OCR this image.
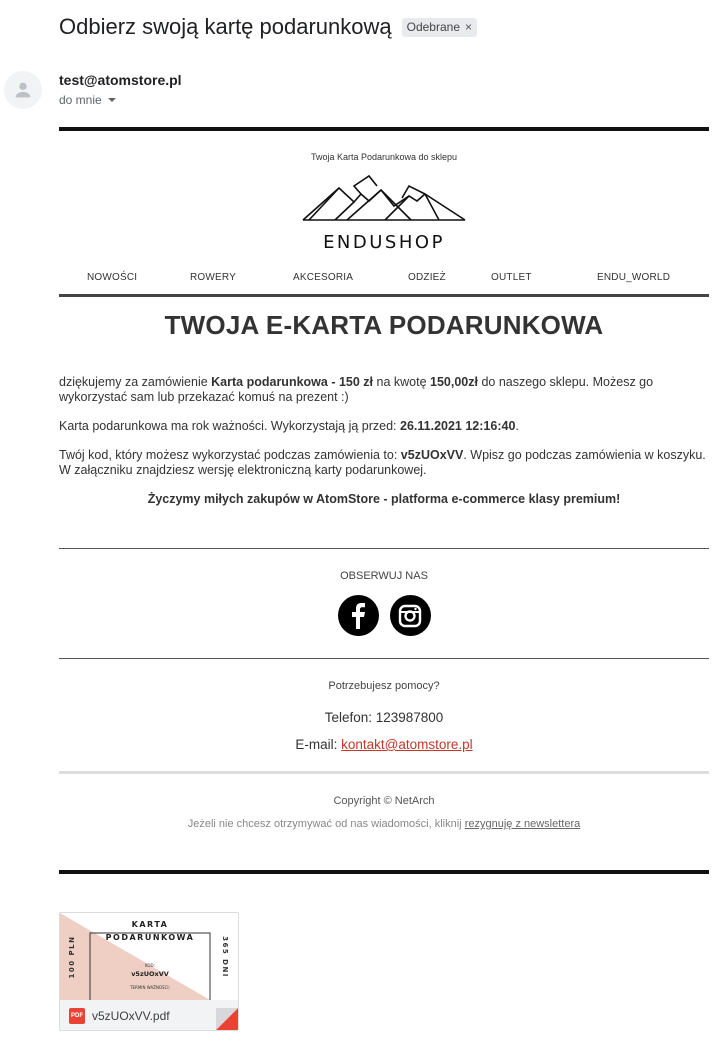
Odbierz swoją kartę podarunkową Odebrane ×
test@atomstore.pl
do mnie
Twoja Karta Podarunkowa do sklepu
ENDUSHOP
NOWOŚCI	ROWERY	AKCESORIA	ODZIEŻ	OUTLET	ENDU_WORLD
TWOJA E-KARTA PODARUNKOWA

dziękujemy za zamówienie Karta podarunkowa - 150 zł na kwotę 150,00zł do naszego sklepu. Możesz go wykorzystać sam lub przekazać komuś na prezent :)

Karta podarunkowa ma rok ważności. Wykorzystają ją przed: 26.11.2021 12:16:40.

Twój kod, który możesz wykorzystać podczas zamówienia to: v5zUOxVV. Wpisz go podczas zamówienia w koszyku. W załączniku znajdziesz wersję elektroniczną karty podarunkowej.

Życzymy miłych zakupów w AtomStore - platforma e-commerce klasy premium!

OBSERWUJ NAS
Potrzebujesz pomocy?
Telefon: 123987800
E-mail: kontakt@atomstore.pl
Copyright © NetArch
Jeżeli nie chcesz otrzymywać od nas wiadomości, kliknij rezygnuję z newslettera
KARTA
PODARUNKOWA
KOD:
v5zUOxVV
TERMIN WAŻNOŚCI:
100 PLN	365 DNI
PDF v5zUOxVV.pdf
